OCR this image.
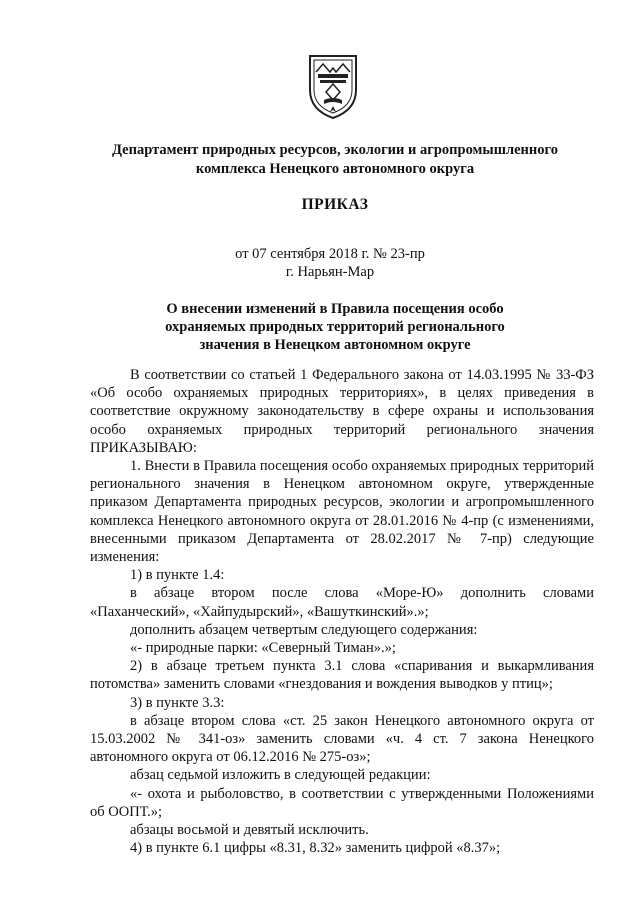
Департамент природных ресурсов, экологии и агропромышленного
комплекса Ненецкого автономного округа
ПРИКАЗ
от 07 сентября 2018 г. № 23-пр
г. Нарьян-Мар
О внесении изменений в Правила посещения особо
охраняемых природных территорий регионального
значения в Ненецком автономном округе

В соответствии со статьей 1 Федерального закона от 14.03.1995 № 33-ФЗ «Об особо охраняемых природных территориях», в целях приведения в соответствие окружному законодательству в сфере охраны и использования особо охраняемых природных территорий регионального значения ПРИКАЗЫВАЮ:

1. Внести в Правила посещения особо охраняемых природных территорий регионального значения в Ненецком автономном округе, утвержденные приказом Департамента природных ресурсов, экологии и агропромышленного комплекса Ненецкого автономного округа от 28.01.2016 № 4-пр (с изменениями, внесенными приказом Департамента от 28.02.2017 № 7-пр) следующие изменения:

1) в пункте 1.4:

в абзаце втором после слова «Море-Ю» дополнить словами «Паханческий», «Хайпудырский», «Вашуткинский».»;

дополнить абзацем четвертым следующего содержания:

«- природные парки: «Северный Тиман».»;

2) в абзаце третьем пункта 3.1 слова «спаривания и выкармливания потомства» заменить словами «гнездования и вождения выводков у птиц»;

3) в пункте 3.3:

в абзаце втором слова «ст. 25 закон Ненецкого автономного округа от 15.03.2002 № 341-оз» заменить словами «ч. 4 ст. 7 закона Ненецкого автономного округа от 06.12.2016 № 275-оз»;

абзац седьмой изложить в следующей редакции:

«- охота и рыболовство, в соответствии с утвержденными Положениями об ООПТ.»;

абзацы восьмой и девятый исключить.

4) в пункте 6.1 цифры «8.31, 8.32» заменить цифрой «8.37»;
